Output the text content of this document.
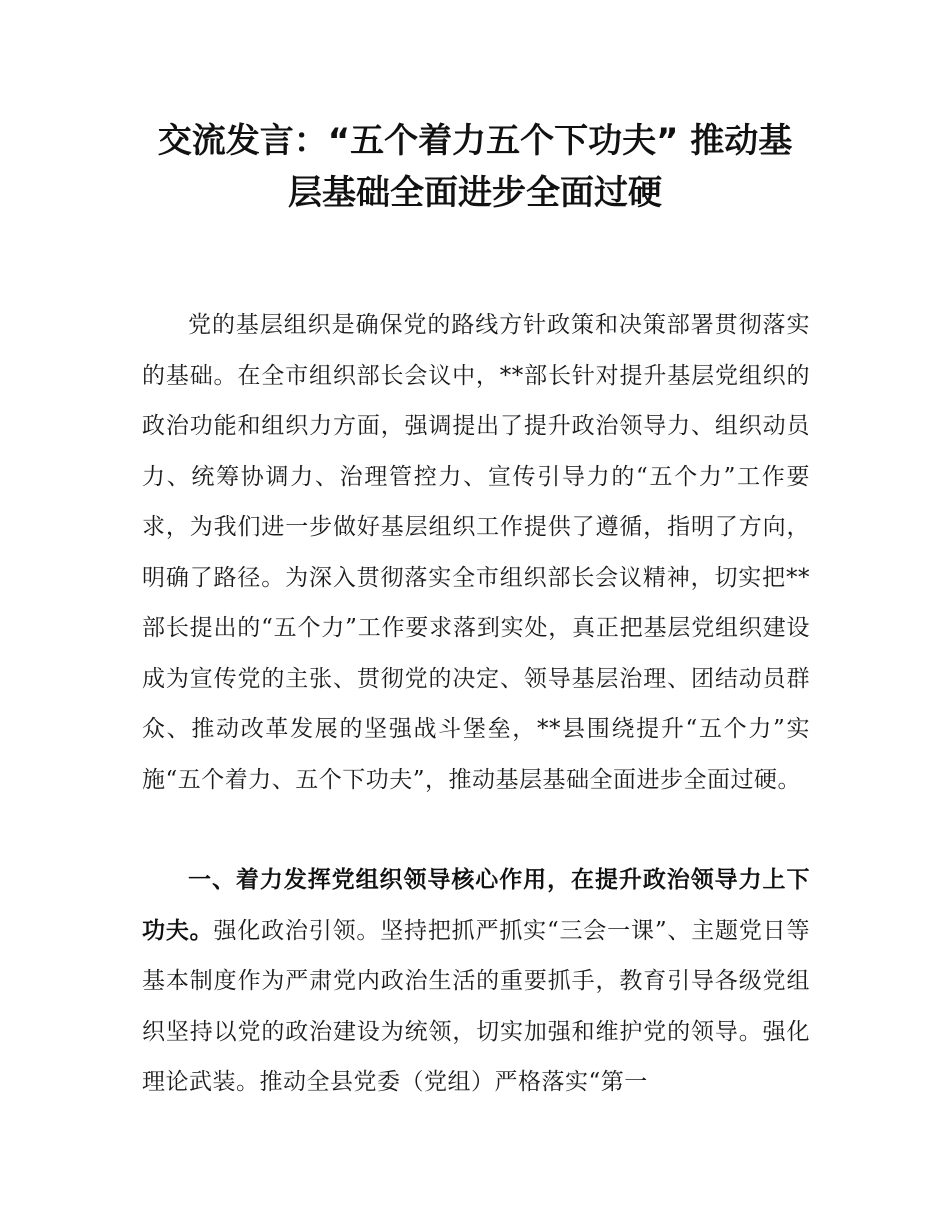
交流发言：“五个着力五个下功夫” 推动基
层基础全面进步全面过硬

党的基层组织是确保党的路线方针政策和决策部署贯彻落实的基础。在全市组织部长会议中，**部长针对提升基层党组织的政治功能和组织力方面，强调提出了提升政治领导力、组织动员力、统筹协调力、治理管控力、宣传引导力的“五个力”工作要求，为我们进一步做好基层组织工作提供了遵循，指明了方向，明确了路径。为深入贯彻落实全市组织部长会议精神，切实把**部长提出的“五个力”工作要求落到实处，真正把基层党组织建设成为宣传党的主张、贯彻党的决定、领导基层治理、团结动员群众、推动改革发展的坚强战斗堡垒，**县围绕提升“五个力”实施“五个着力、五个下功夫”，推动基层基础全面进步全面过硬。

一、着力发挥党组织领导核心作用，在提升政治领导力上下功夫。强化政治引领。坚持把抓严抓实“三会一课”、主题党日等基本制度作为严肃党内政治生活的重要抓手，教育引导各级党组织坚持以党的政治建设为统领，切实加强和维护党的领导。强化理论武装。推动全县党委（党组）严格落实“第一
